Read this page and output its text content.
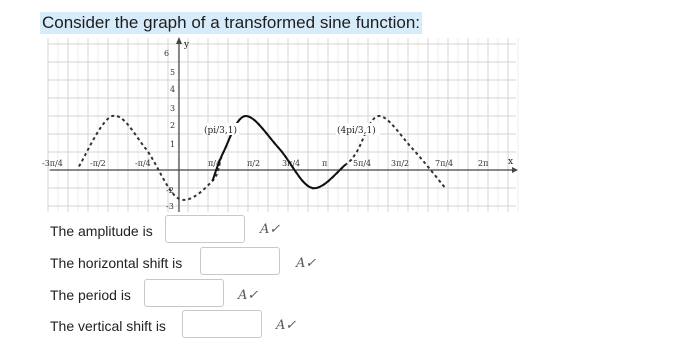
Consider the graph of a transformed sine function:
y
x
6
5
4
3
2
1
-2
-3
-3π/4	-π/2	-π/4	π/4	π/2	3π/4	π	5π/4 3π/2	7π/4	2π
(pi/3,1)	(4pi/3,1)
The amplitude is	A✓
The horizontal shift is	A✓
The period is	A✓
The vertical shift is	A✓
